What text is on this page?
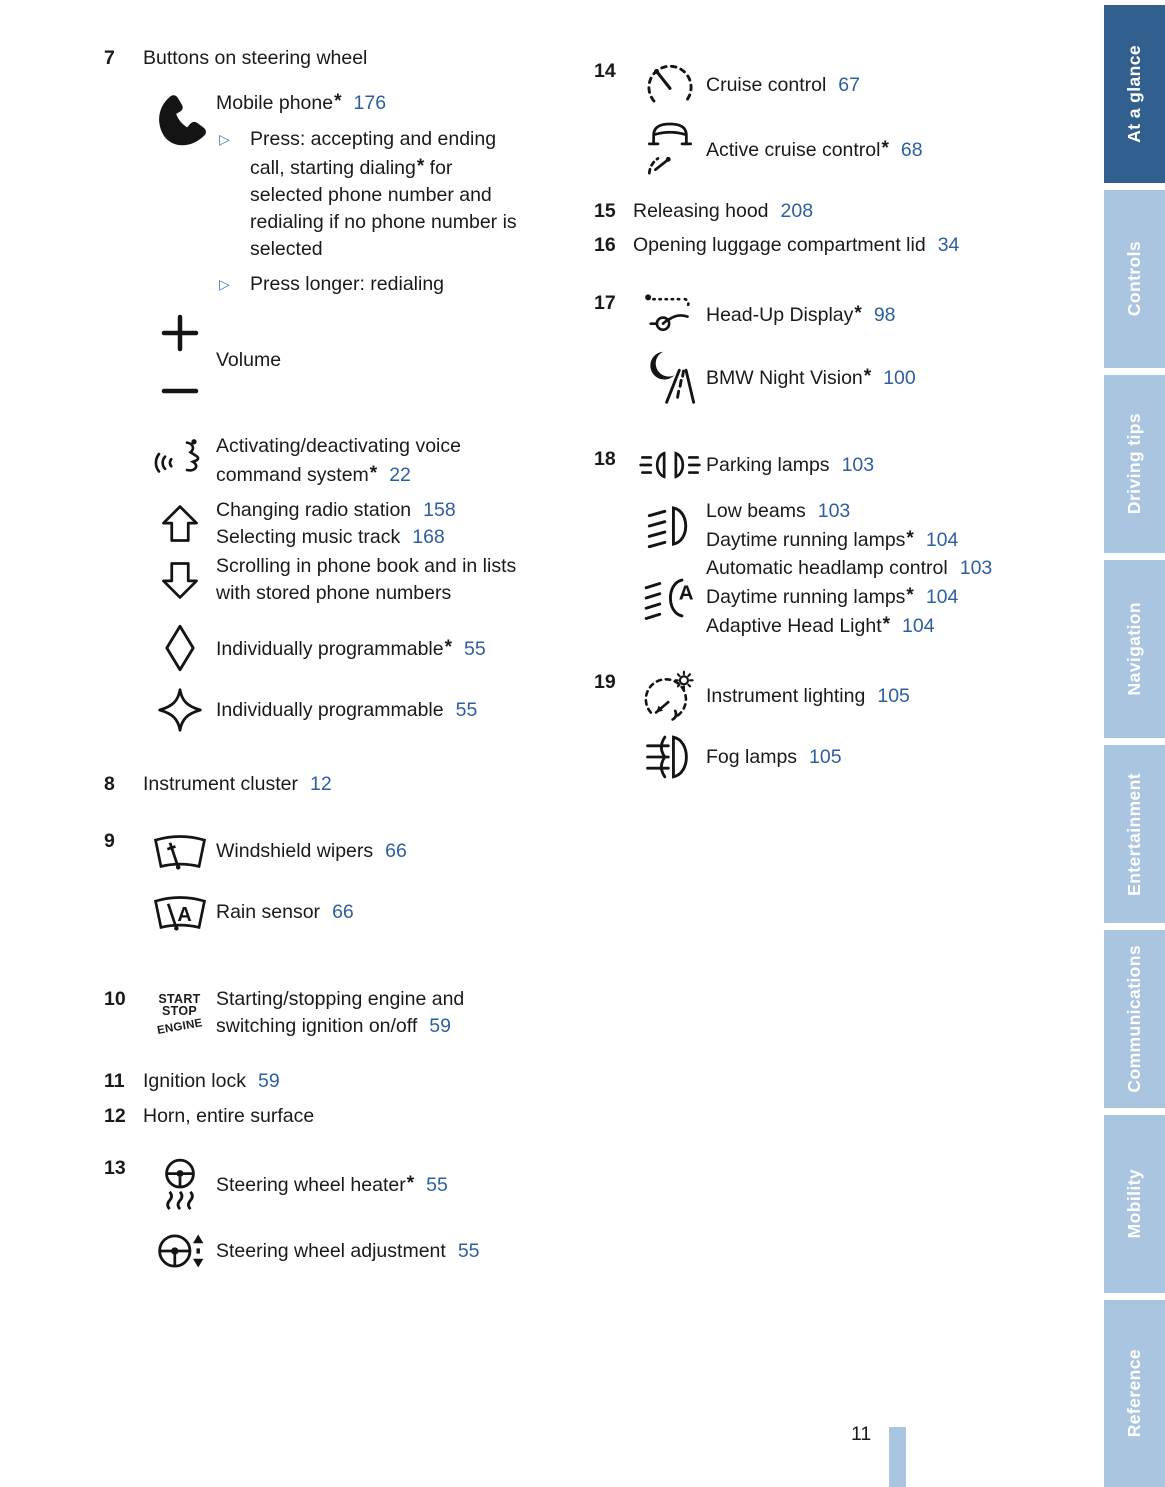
7	Buttons on steering wheel
Mobile phone* 176
▷	Press: accepting and ending
call, starting dialing* for
selected phone number and
redialing if no phone number is
selected
▷	Press longer: redialing
Volume
Activating/deactivating voice
command system* 22
Changing radio station 158
Selecting music track 168
Scrolling in phone book and in lists
with stored phone numbers
Individually programmable* 55
Individually programmable 55
8	Instrument cluster 12
9	Windshield wipers 66
A Rain sensor 66
10	START
STOP
ENGINE
Starting/stopping engine and
switching ignition on/off 59
11 Ignition lock 59
12 Horn, entire surface
13
Steering wheel heater* 55
Steering wheel adjustment 55
14
Cruise control 67
Active cruise control* 68
15 Releasing hood 208
16 Opening luggage compartment lid 34
17
Head-Up Display* 98
BMW Night Vision* 100
18	Parking lamps 103
Low beams 103
Daytime running lamps* 104
A
Automatic headlamp control 103
Daytime running lamps* 104
Adaptive Head Light* 104
19
Instrument lighting 105
Fog lamps 105
At a glance
Controls
Driving tips
Navigation
Entertainment
Communications
Mobility
Reference
11
